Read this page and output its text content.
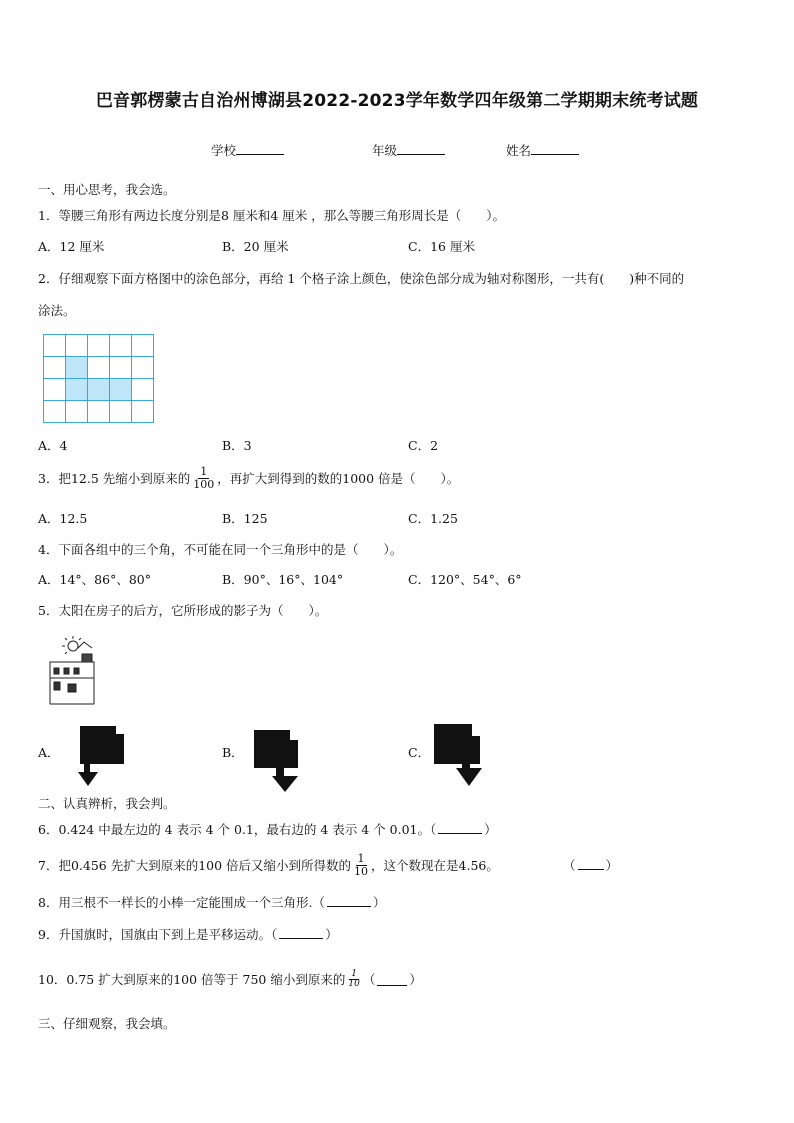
巴音郭楞蒙古自治州博湖县2022-2023学年数学四年级第二学期期末统考试题
学校	年级	姓名
一、用心思考，我会选。
1．等腰三角形有两边长度分别是8 厘米和4 厘米 ，那么等腰三角形周长是（　　）。
A．12 厘米	B．20 厘米	C．16 厘米
2．仔细观察下面方格图中的涂色部分，再给 1 个格子涂上颜色，使涂色部分成为轴对称图形，一共有(　　)种不同的
涂法。

A．4	B．3	C．2
3．把12.5 先缩小到原来的 $\frac{1}{100}$ ，再扩大到得到的数的1000 倍是（　　）。
A．12.5	B．125	C．1.25
4．下面各组中的三个角，不可能在同一个三角形中的是（　　）。
A．14°、86°、80°	B．90°、16°、104°	C．120°、54°、6°
5．太阳在房子的后方，它所形成的影子为（　　）。
A．	B．	C．
二、认真辨析，我会判。
6．0.424 中最左边的 4 表示 4 个 0.1，最右边的 4 表示 4 个 0.01。（	）
7．把0.456 先扩大到原来的100 倍后又缩小到所得数的 $\frac{1}{10}$ ，这个数现在是4.56。	（ ）
8．用三根不一样长的小棒一定能围成一个三角形.（	）
9．升国旗时，国旗由下到上是平移运动。（	）
10．0.75 扩大到原来的100 倍等于 750 缩小到原来的 $\frac{1}{10}$ （	）
三、仔细观察，我会填。
